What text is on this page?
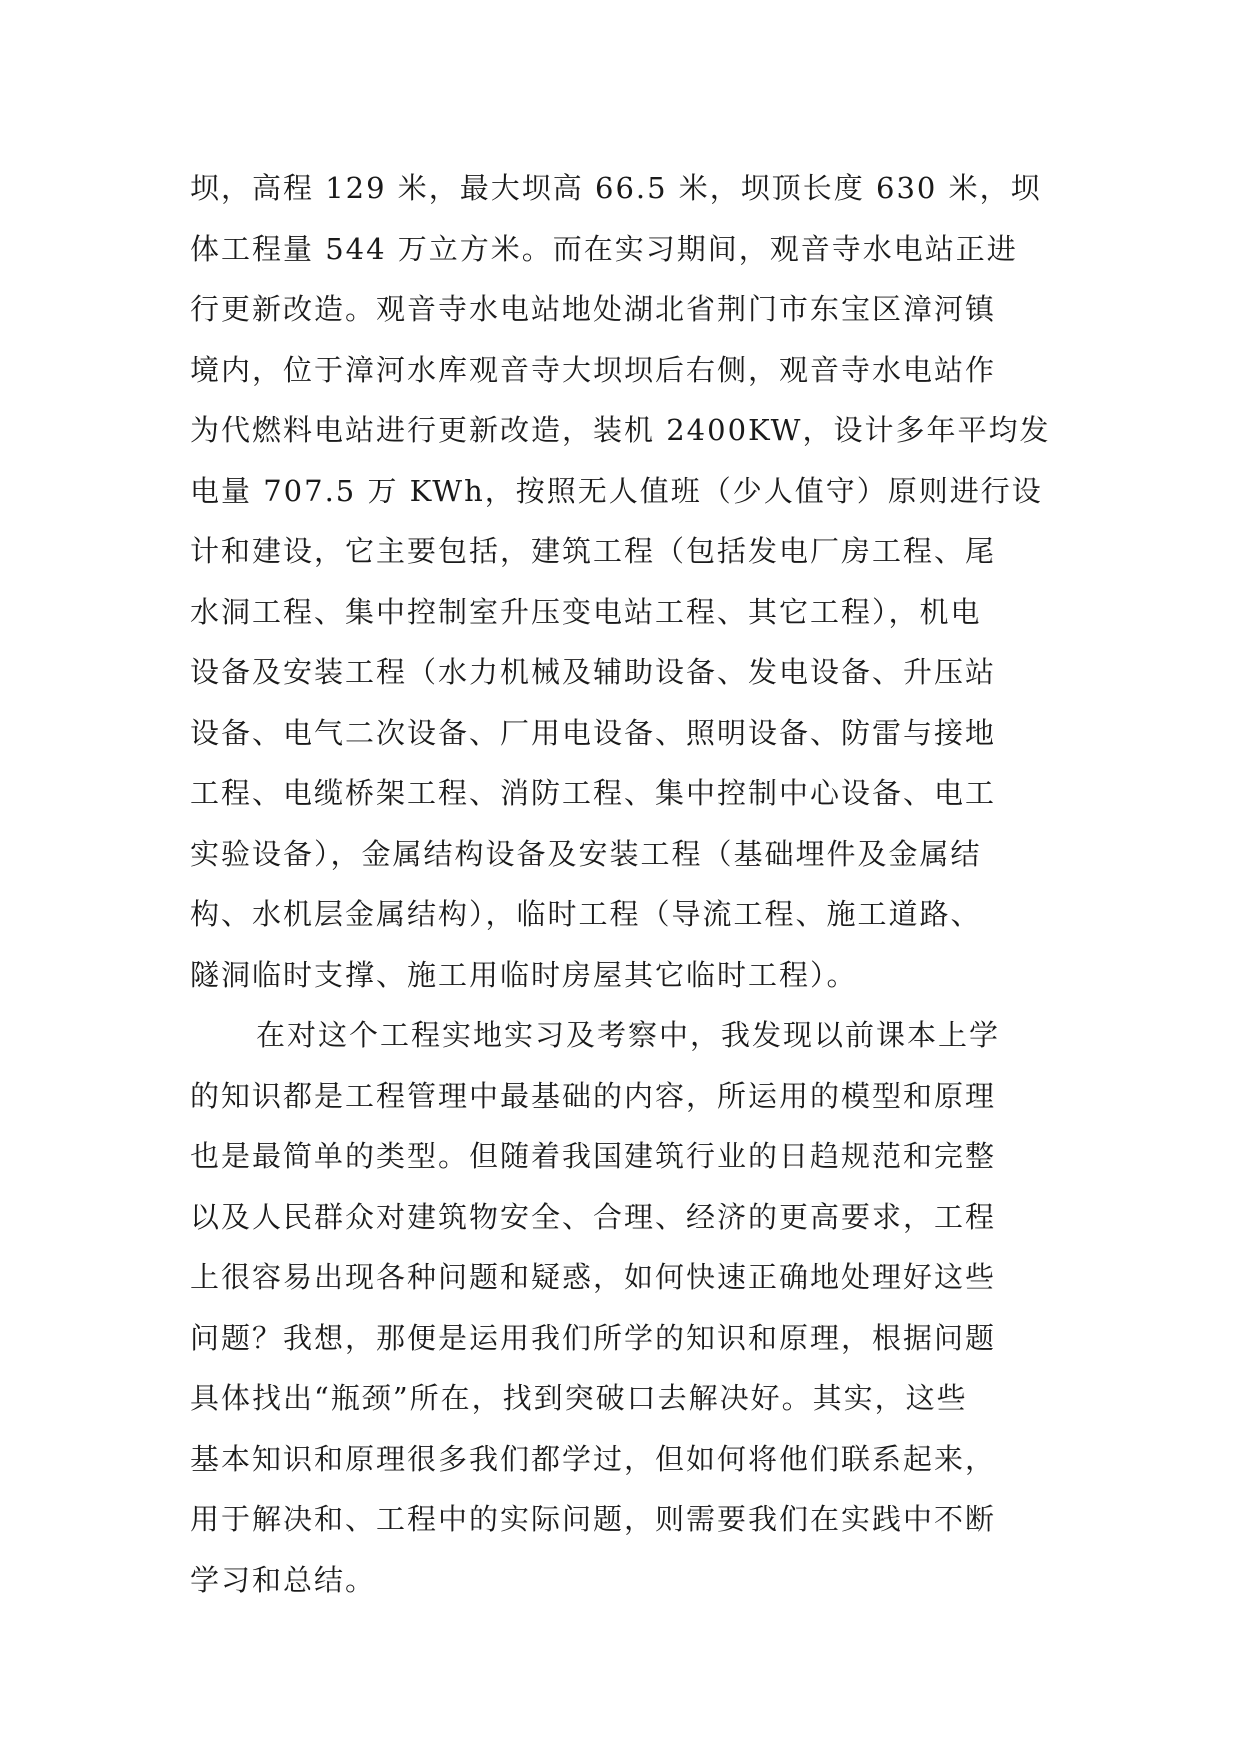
坝，高程 129 米，最大坝高 66.5 米，坝顶长度 630 米，坝
体工程量 544 万立方米。而在实习期间，观音寺水电站正进
行更新改造。观音寺水电站地处湖北省荆门市东宝区漳河镇
境内，位于漳河水库观音寺大坝坝后右侧，观音寺水电站作
为代燃料电站进行更新改造，装机 2400KW，设计多年平均发
电量 707.5 万 KWh，按照无人值班（少人值守）原则进行设
计和建设，它主要包括，建筑工程（包括发电厂房工程、尾
水洞工程、集中控制室升压变电站工程、其它工程），机电
设备及安装工程（水力机械及辅助设备、发电设备、升压站
设备、电气二次设备、厂用电设备、照明设备、防雷与接地
工程、电缆桥架工程、消防工程、集中控制中心设备、电工
实验设备），金属结构设备及安装工程（基础埋件及金属结
构、水机层金属结构），临时工程（导流工程、施工道路、
隧洞临时支撑、施工用临时房屋其它临时工程）。
在对这个工程实地实习及考察中，我发现以前课本上学
的知识都是工程管理中最基础的内容，所运用的模型和原理
也是最简单的类型。但随着我国建筑行业的日趋规范和完整
以及人民群众对建筑物安全、合理、经济的更高要求，工程
上很容易出现各种问题和疑惑，如何快速正确地处理好这些
问题？我想，那便是运用我们所学的知识和原理，根据问题
具体找出“瓶颈”所在，找到突破口去解决好。其实，这些
基本知识和原理很多我们都学过，但如何将他们联系起来，
用于解决和、工程中的实际问题，则需要我们在实践中不断
学习和总结。
